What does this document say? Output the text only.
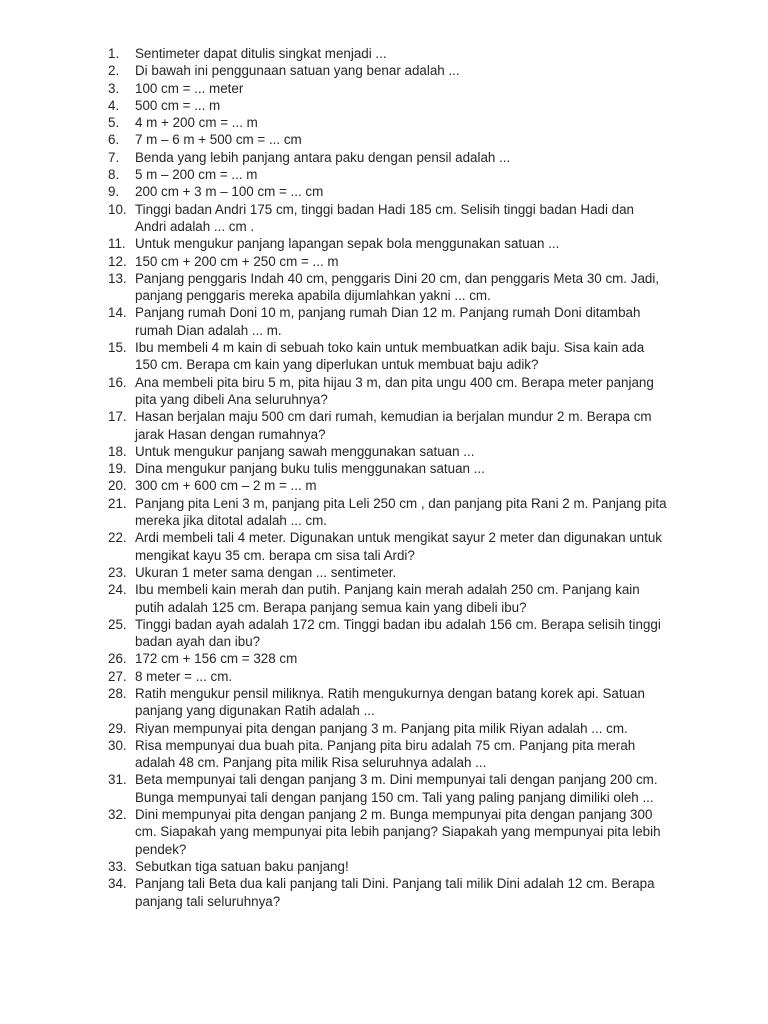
1.	Sentimeter dapat ditulis singkat menjadi ...
2.	Di bawah ini penggunaan satuan yang benar adalah ...
3.	100 cm = ... meter
4.	500 cm = ... m
5.	4 m + 200 cm = ... m
6.	7 m – 6 m + 500 cm = ... cm
7.	Benda yang lebih panjang antara paku dengan pensil adalah ...
8.	5 m – 200 cm = ... m
9.	200 cm + 3 m – 100 cm = ... cm
10. Tinggi badan Andri 175 cm, tinggi badan Hadi 185 cm. Selisih tinggi badan Hadi dan Andri adalah ... cm .
11. Untuk mengukur panjang lapangan sepak bola menggunakan satuan ...
12. 150 cm + 200 cm + 250 cm = ... m
13. Panjang penggaris Indah 40 cm, penggaris Dini 20 cm, dan penggaris Meta 30 cm. Jadi, panjang penggaris mereka apabila dijumlahkan yakni ... cm.
14. Panjang rumah Doni 10 m, panjang rumah Dian 12 m. Panjang rumah Doni ditambah rumah Dian adalah ... m.
15. Ibu membeli 4 m kain di sebuah toko kain untuk membuatkan adik baju. Sisa kain ada 150 cm. Berapa cm kain yang diperlukan untuk membuat baju adik?
16. Ana membeli pita biru 5 m, pita hijau 3 m, dan pita ungu 400 cm. Berapa meter panjang pita yang dibeli Ana seluruhnya?
17. Hasan berjalan maju 500 cm dari rumah, kemudian ia berjalan mundur 2 m. Berapa cm jarak Hasan dengan rumahnya?
18. Untuk mengukur panjang sawah menggunakan satuan ...
19. Dina mengukur panjang buku tulis menggunakan satuan ...
20. 300 cm + 600 cm – 2 m = ... m
21. Panjang pita Leni 3 m, panjang pita Leli 250 cm , dan panjang pita Rani 2 m. Panjang pita mereka jika ditotal adalah ... cm.
22. Ardi membeli tali 4 meter. Digunakan untuk mengikat sayur 2 meter dan digunakan untuk mengikat kayu 35 cm. berapa cm sisa tali Ardi?
23. Ukuran 1 meter sama dengan ... sentimeter.
24. Ibu membeli kain merah dan putih. Panjang kain merah adalah 250 cm. Panjang kain putih adalah 125 cm. Berapa panjang semua kain yang dibeli ibu?
25. Tinggi badan ayah adalah 172 cm. Tinggi badan ibu adalah 156 cm. Berapa selisih tinggi badan ayah dan ibu?
26. 172 cm + 156 cm = 328 cm
27. 8 meter = ... cm.
28. Ratih mengukur pensil miliknya. Ratih mengukurnya dengan batang korek api. Satuan panjang yang digunakan Ratih adalah ...
29. Riyan mempunyai pita dengan panjang 3 m. Panjang pita milik Riyan adalah ... cm.
30. Risa mempunyai dua buah pita. Panjang pita biru adalah 75 cm. Panjang pita merah adalah 48 cm. Panjang pita milik Risa seluruhnya adalah ...
31. Beta mempunyai tali dengan panjang 3 m. Dini mempunyai tali dengan panjang 200 cm. Bunga mempunyai tali dengan panjang 150 cm. Tali yang paling panjang dimiliki oleh ...
32. Dini mempunyai pita dengan panjang 2 m. Bunga mempunyai pita dengan panjang 300 cm. Siapakah yang mempunyai pita lebih panjang? Siapakah yang mempunyai pita lebih pendek?
33. Sebutkan tiga satuan baku panjang!
34. Panjang tali Beta dua kali panjang tali Dini. Panjang tali milik Dini adalah 12 cm. Berapa panjang tali seluruhnya?
